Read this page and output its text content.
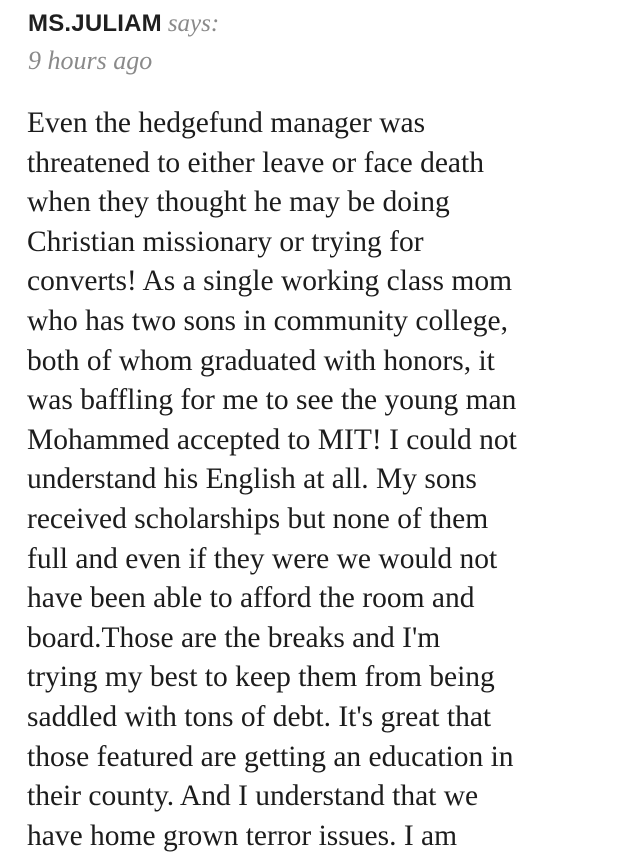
MS.JULIAM says:
9 hours ago

Even the hedgefund manager was
threatened to either leave or face death
when they thought he may be doing
Christian missionary or trying for
converts! As a single working class mom
who has two sons in community college,
both of whom graduated with honors, it
was baffling for me to see the young man
Mohammed accepted to MIT! I could not
understand his English at all. My sons
received scholarships but none of them
full and even if they were we would not
have been able to afford the room and
board.Those are the breaks and I'm
trying my best to keep them from being
saddled with tons of debt. It's great that
those featured are getting an education in
their county. And I understand that we
have home grown terror issues. I am
